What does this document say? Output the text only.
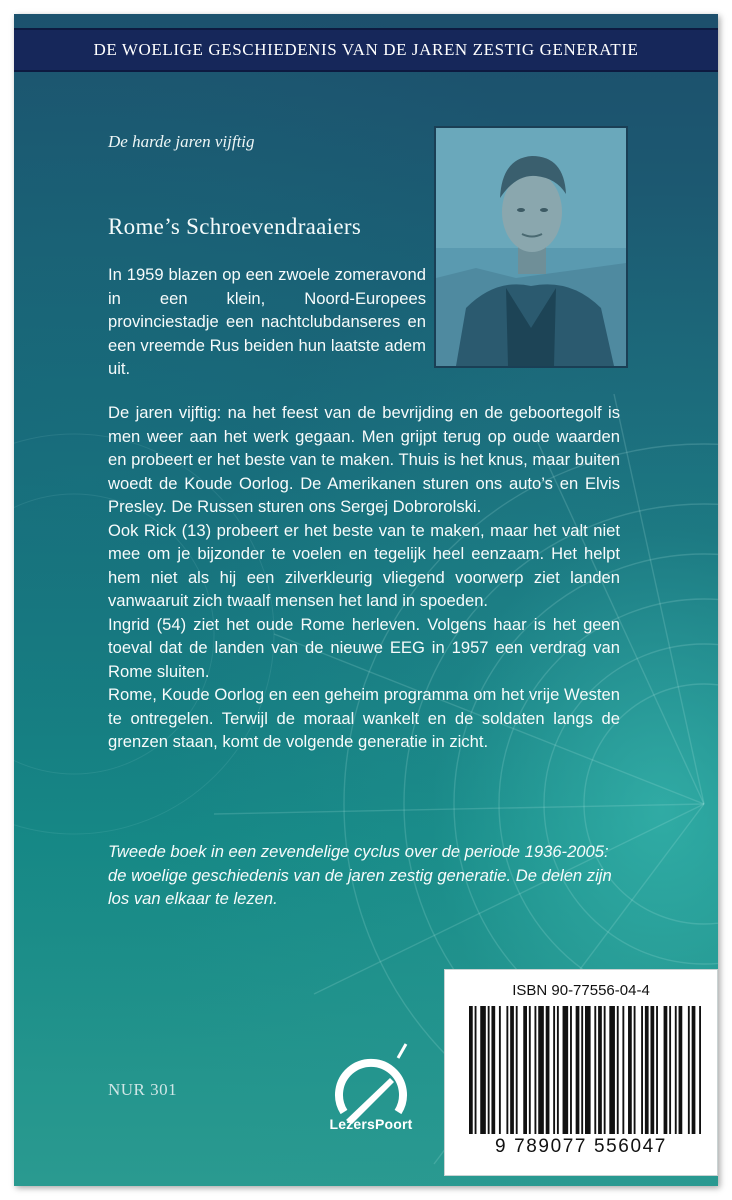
DE WOELIGE GESCHIEDENIS VAN DE JAREN ZESTIG GENERATIE
De harde jaren vijftig
Rome’s Schroevendraaiers

In 1959 blazen op een zwoele zomeravond in een klein, Noord-Europees provinciestadje een nachtclubdanseres en een vreemde Rus beiden hun laatste adem uit.

De jaren vijftig: na het feest van de bevrijding en de geboortegolf is men weer aan het werk gegaan. Men grijpt terug op oude waarden en probeert er het beste van te maken. Thuis is het knus, maar buiten woedt de Koude Oorlog. De Amerikanen sturen ons auto’s en Elvis Presley. De Russen sturen ons Sergej Dobrorolski.

Ook Rick (13) probeert er het beste van te maken, maar het valt niet mee om je bijzonder te voelen en tegelijk heel eenzaam. Het helpt hem niet als hij een zilverkleurig vliegend voorwerp ziet landen vanwaaruit zich twaalf mensen het land in spoeden.

Ingrid (54) ziet het oude Rome herleven. Volgens haar is het geen toeval dat de landen van de nieuwe EEG in 1957 een verdrag van Rome sluiten.

Rome, Koude Oorlog en een geheim programma om het vrije Westen te ontregelen. Terwijl de moraal wankelt en de soldaten langs de grenzen staan, komt de volgende generatie in zicht.

Tweede boek in een zevendelige cyclus over de periode 1936-2005: de woelige geschiedenis van de jaren zestig generatie. De delen zijn los van elkaar te lezen.

NUR 301
LezersPoort
ISBN 90-77556-04-4
9 789077 556047
